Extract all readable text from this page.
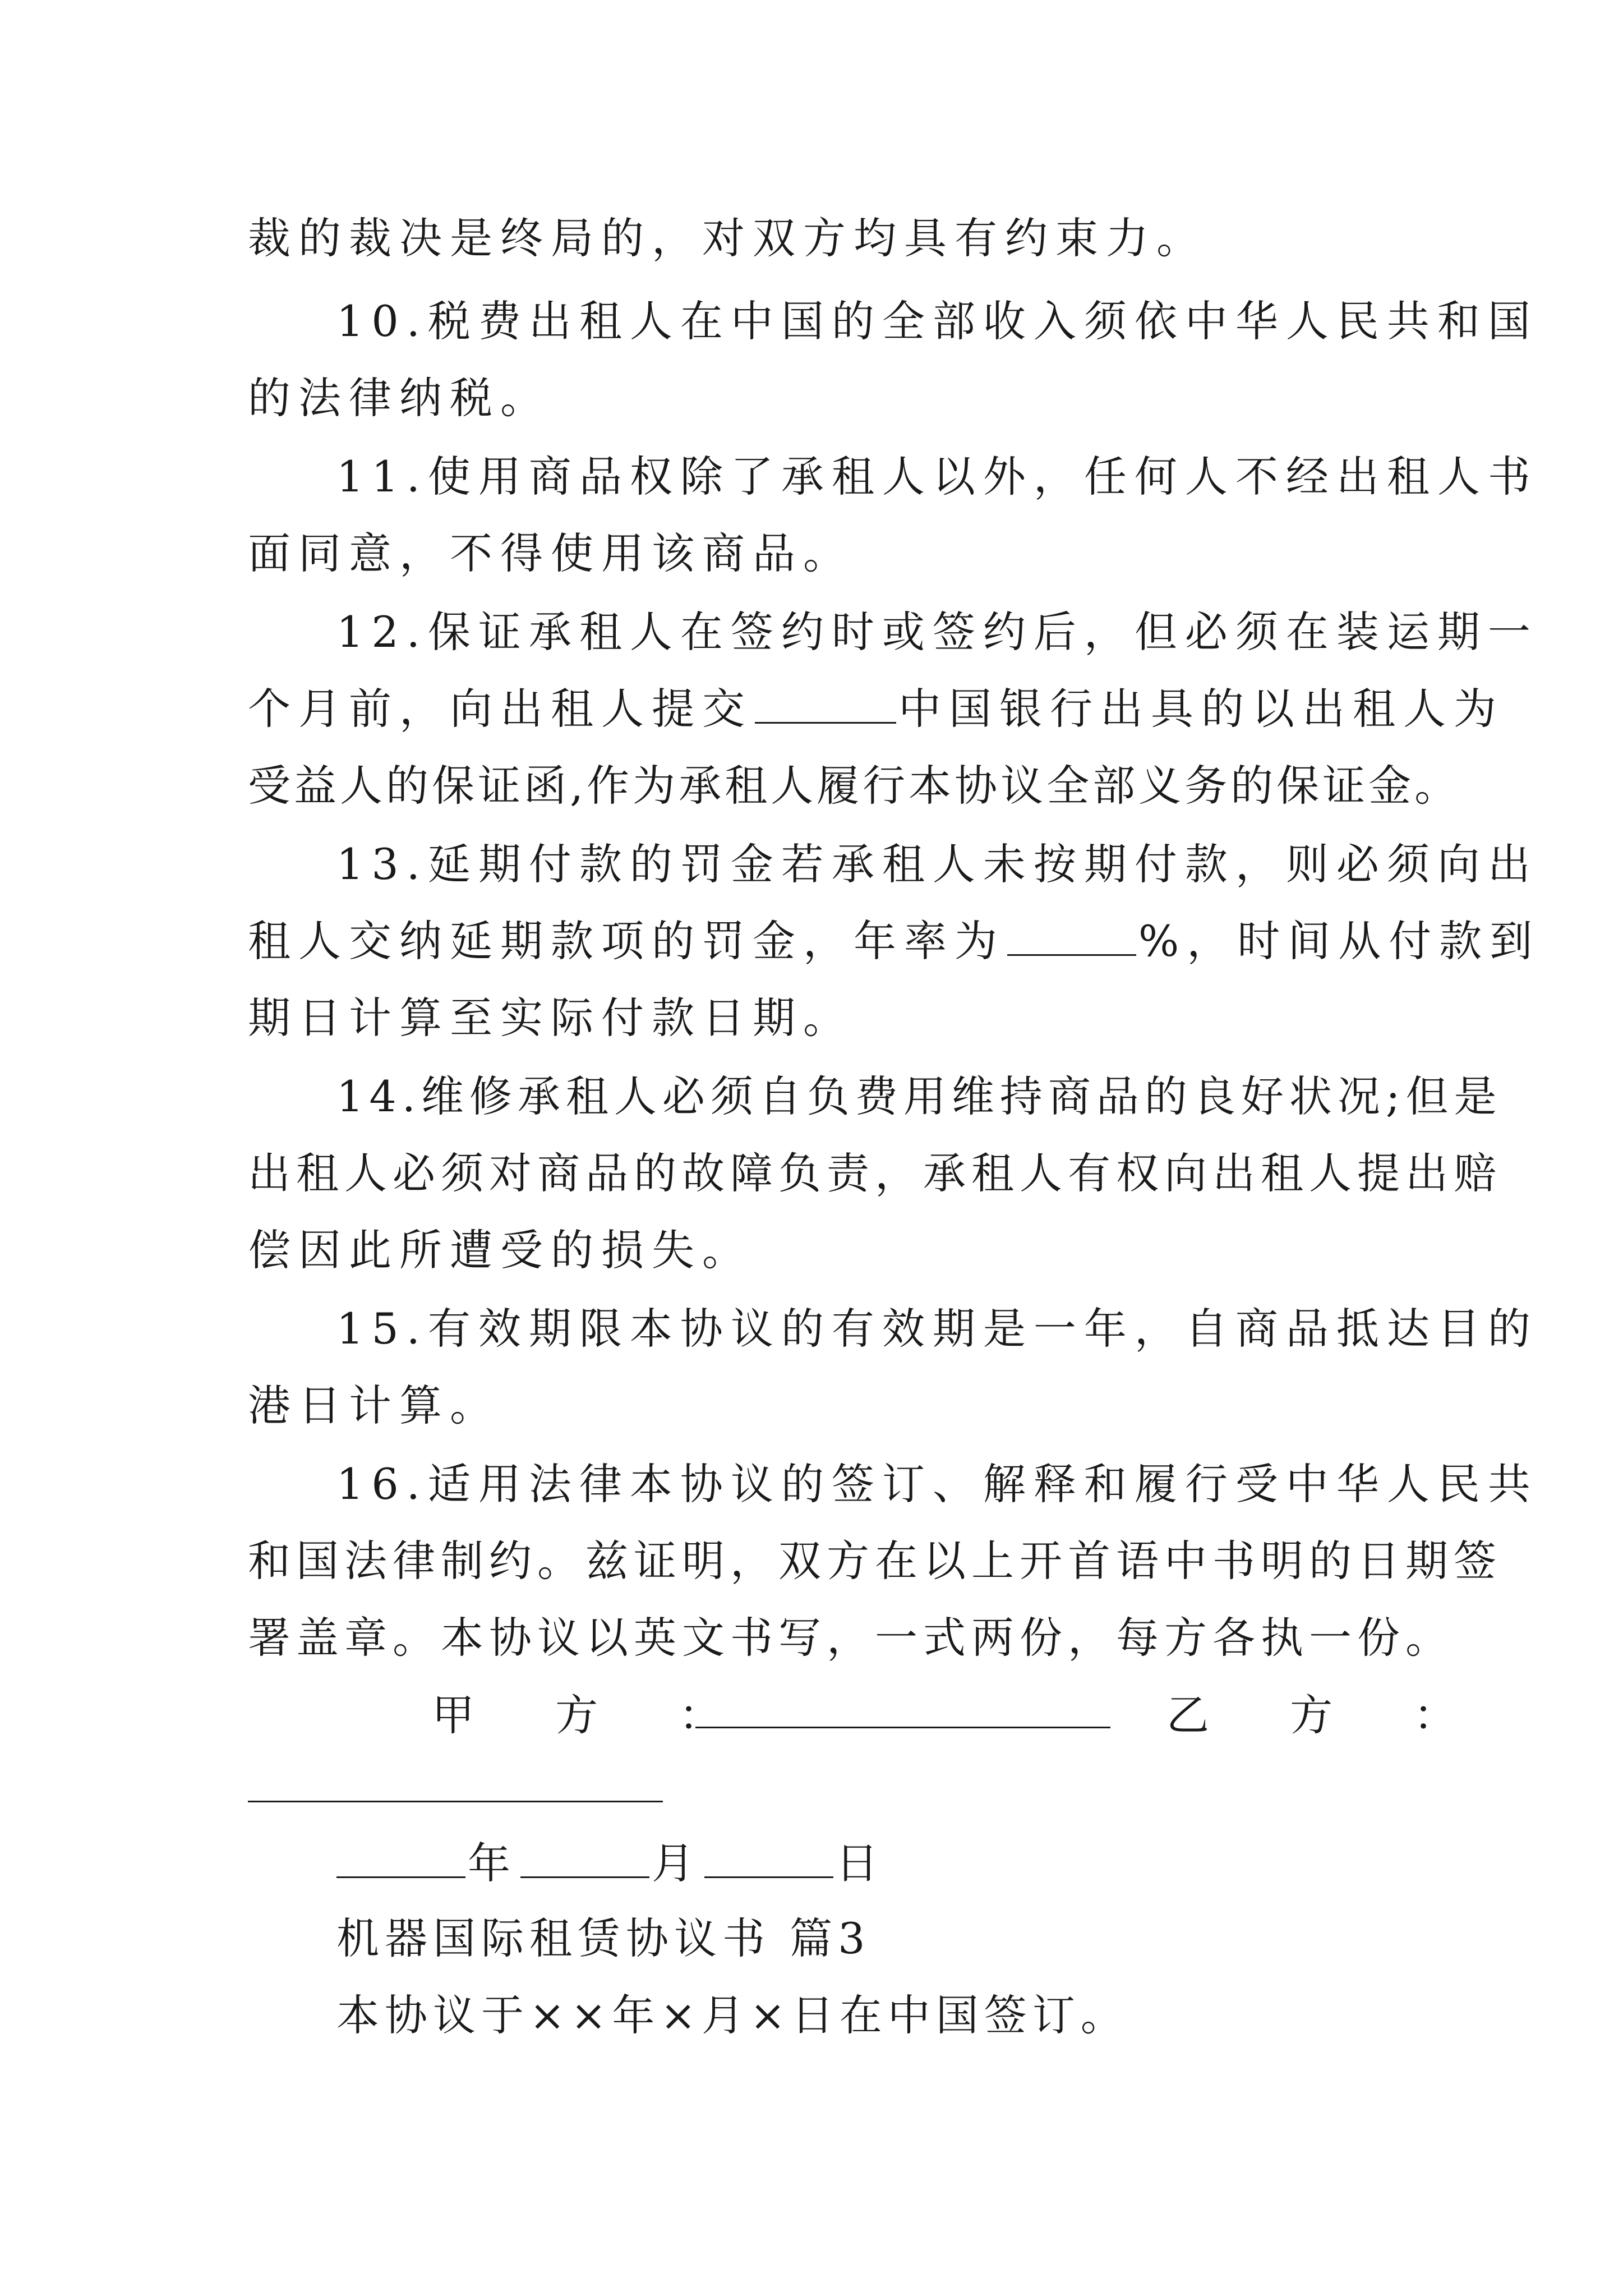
裁的裁决是终局的，对双方均具有约束力。
10.税费出租人在中国的全部收入须依中华人民共和国
的法律纳税。
11.使用商品权除了承租人以外，任何人不经出租人书
面同意，不得使用该商品。
12.保证承租人在签约时或签约后，但必须在装运期一
个月前，向出租人提交	中国银行出具的以出租人为
受益人的保证函,作为承租人履行本协议全部义务的保证金。
13.延期付款的罚金若承租人未按期付款，则必须向出
租人交纳延期款项的罚金，年率为	%，时间从付款到
期日计算至实际付款日期。
14.维修承租人必须自负费用维持商品的良好状况;但是
出租人必须对商品的故障负责，承租人有权向出租人提出赔
偿因此所遭受的损失。
15.有效期限本协议的有效期是一年，自商品抵达目的
港日计算。
16.适用法律本协议的签订、解释和履行受中华人民共
和国法律制约。兹证明，双方在以上开首语中书明的日期签
署盖章。本协议以英文书写，一式两份，每方各执一份。
甲 方 ：	乙 方 ：
年	月	日
机器国际租赁协议书 篇3
本协议于××年×月×日在中国签订。
